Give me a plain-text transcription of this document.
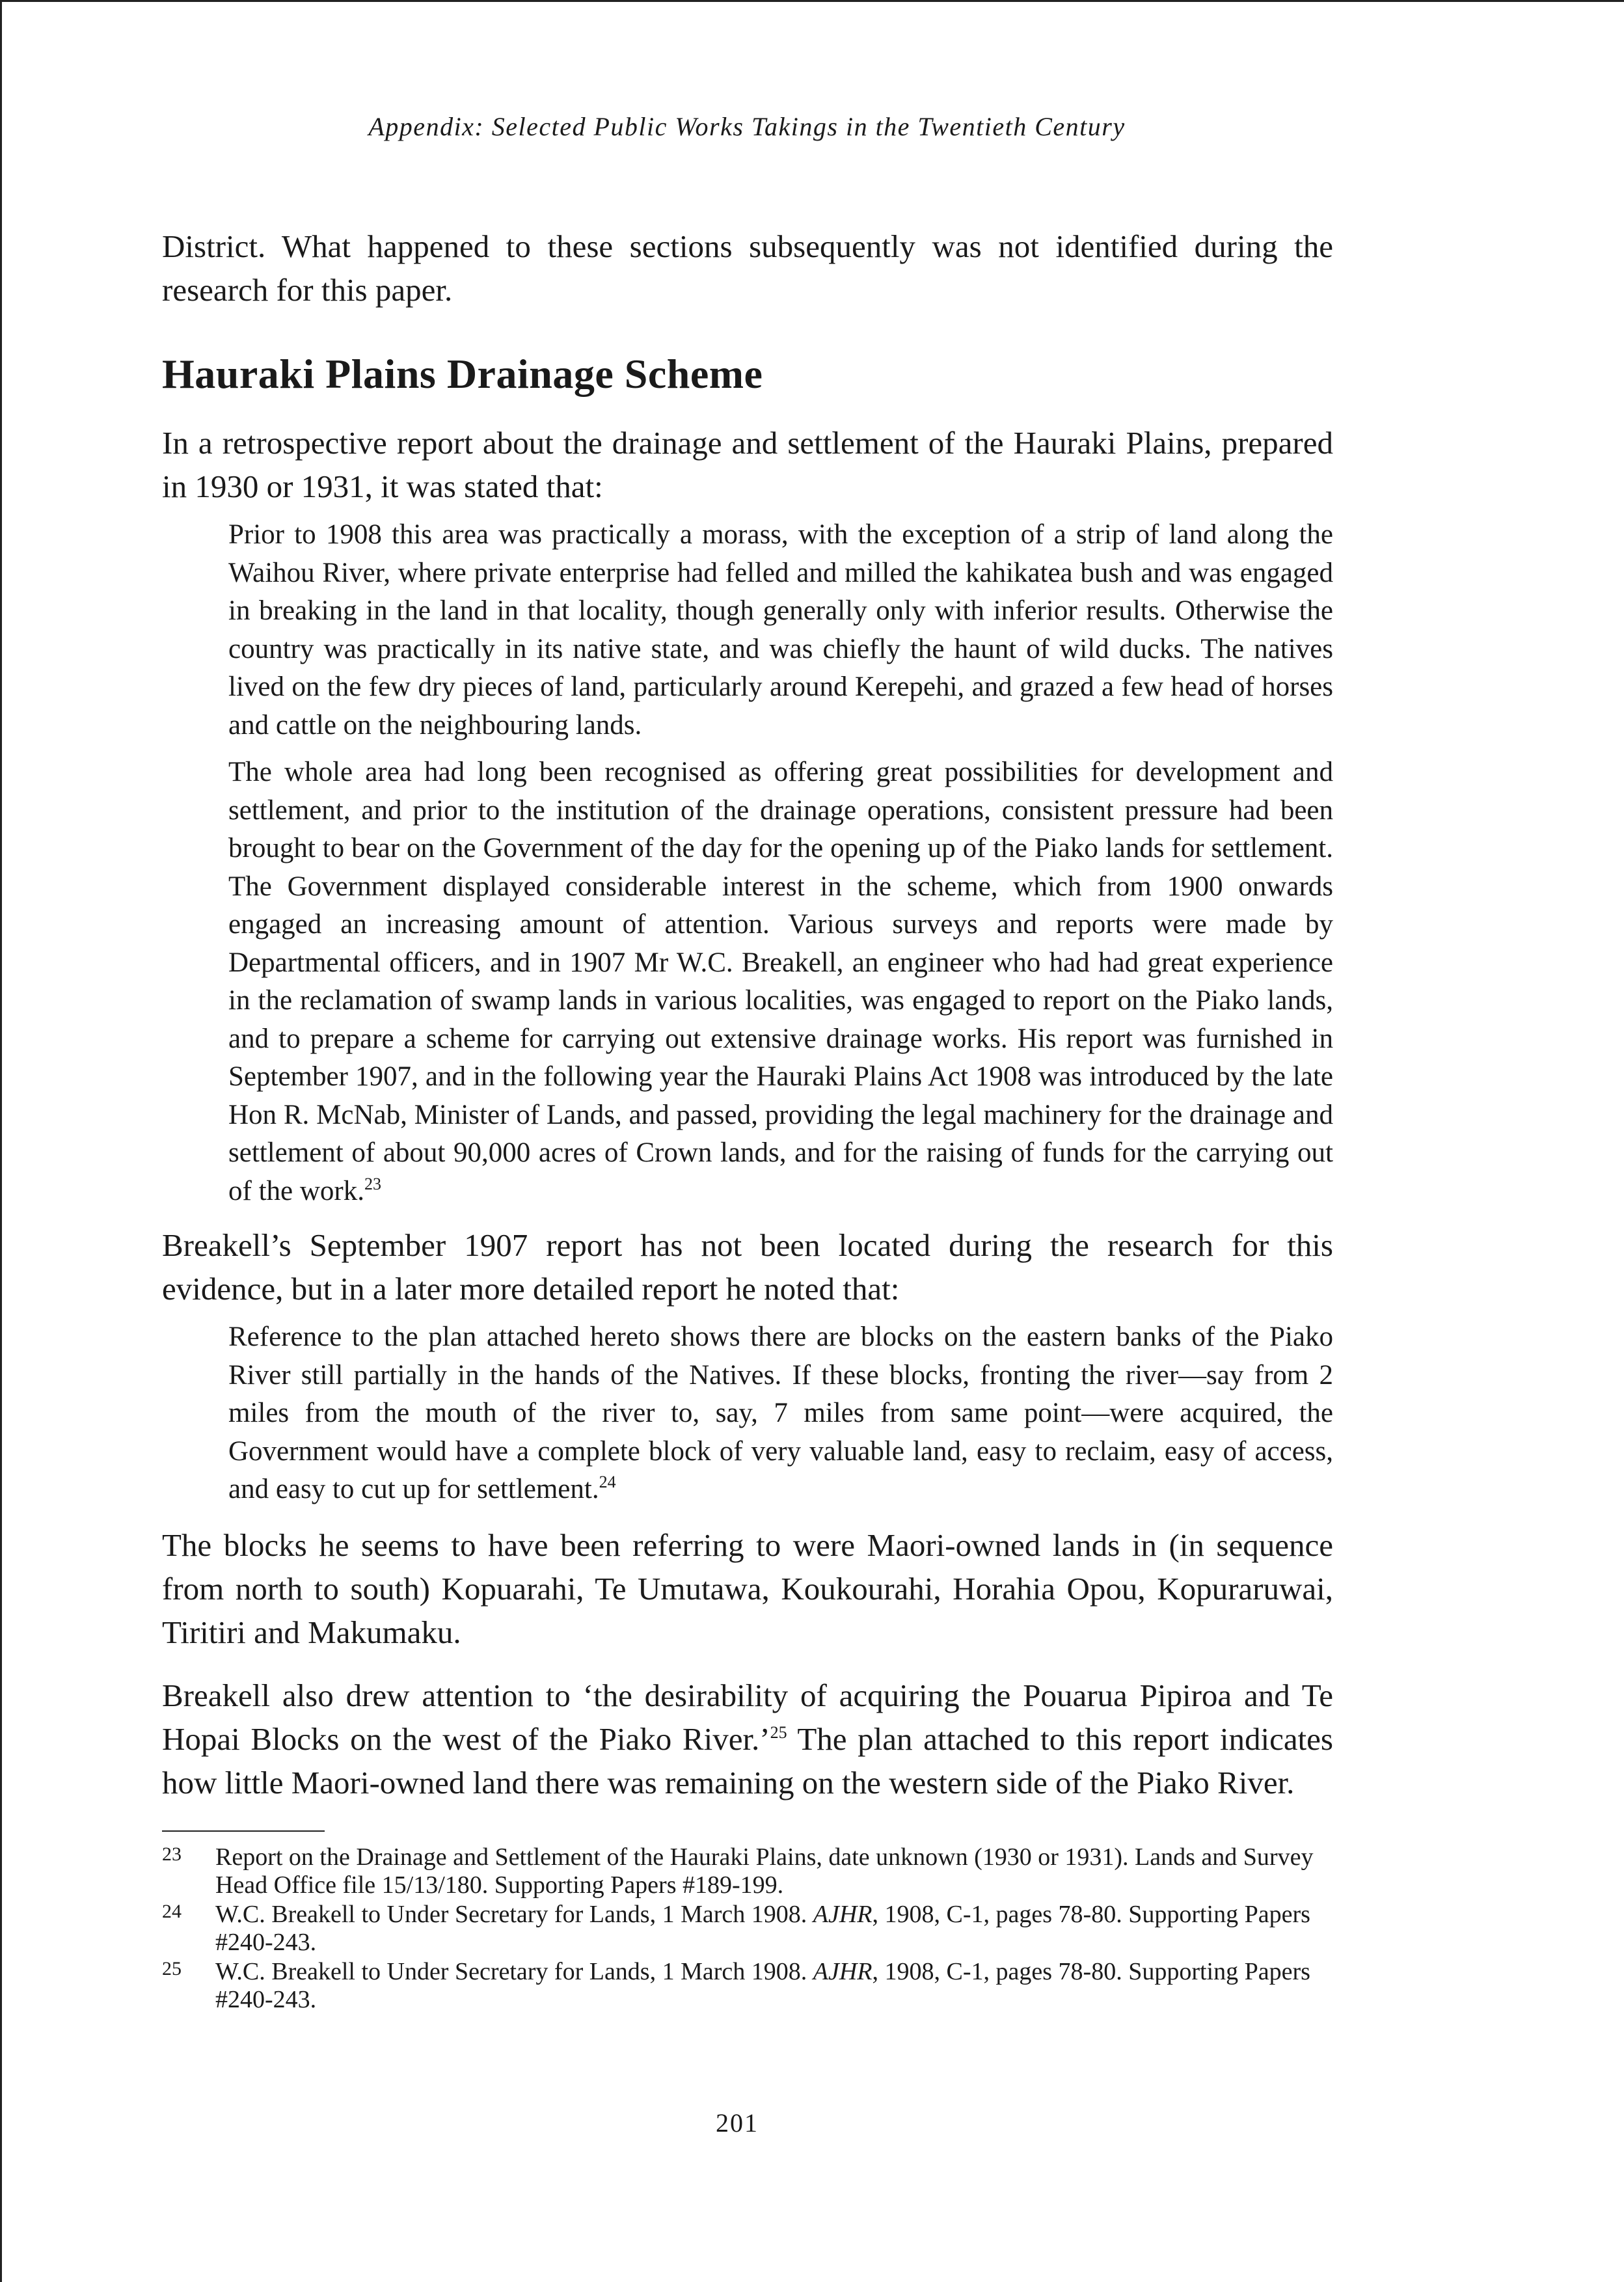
Appendix: Selected Public Works Takings in the Twentieth Century

District. What happened to these sections subsequently was not identified during the research for this paper.

Hauraki Plains Drainage Scheme

In a retrospective report about the drainage and settlement of the Hauraki Plains, prepared in 1930 or 1931, it was stated that:

Prior to 1908 this area was practically a morass, with the exception of a strip of land along the Waihou River, where private enterprise had felled and milled the kahikatea bush and was engaged in breaking in the land in that locality, though generally only with inferior results. Otherwise the country was practically in its native state, and was chiefly the haunt of wild ducks. The natives lived on the few dry pieces of land, particularly around Kerepehi, and grazed a few head of horses and cattle on the neighbouring lands.

The whole area had long been recognised as offering great possibilities for development and settlement, and prior to the institution of the drainage operations, consistent pressure had been brought to bear on the Government of the day for the opening up of the Piako lands for settlement. The Government displayed considerable interest in the scheme, which from 1900 onwards engaged an increasing amount of attention. Various surveys and reports were made by Departmental officers, and in 1907 Mr W.C. Breakell, an engineer who had had great experience in the reclamation of swamp lands in various localities, was engaged to report on the Piako lands, and to prepare a scheme for carrying out extensive drainage works. His report was furnished in September 1907, and in the following year the Hauraki Plains Act 1908 was introduced by the late Hon R. McNab, Minister of Lands, and passed, providing the legal machinery for the drainage and settlement of about 90,000 acres of Crown lands, and for the raising of funds for the carrying out of the work.$^{23}$

Breakell’s September 1907 report has not been located during the research for this evidence, but in a later more detailed report he noted that:

Reference to the plan attached hereto shows there are blocks on the eastern banks of the Piako River still partially in the hands of the Natives. If these blocks, fronting the river—say from 2 miles from the mouth of the river to, say, 7 miles from same point—were acquired, the Government would have a complete block of very valuable land, easy to reclaim, easy of access, and easy to cut up for settlement.$^{24}$

The blocks he seems to have been referring to were Maori-owned lands in (in sequence from north to south) Kopuarahi, Te Umutawa, Koukourahi, Horahia Opou, Kopuraruwai, Tiritiri and Makumaku.

Breakell also drew attention to ‘the desirability of acquiring the Pouarua Pipiroa and Te Hopai Blocks on the west of the Piako River.’$^{25}$ The plan attached to this report indicates how little Maori-owned land there was remaining on the western side of the Piako River.

23	Report on the Drainage and Settlement of the Hauraki Plains, date unknown (1930 or 1931). Lands and Survey Head Office file 15/13/180. Supporting Papers #189-199.
24	W.C. Breakell to Under Secretary for Lands, 1 March 1908. AJHR, 1908, C-1, pages 78-80. Supporting Papers #240-243.
25	W.C. Breakell to Under Secretary for Lands, 1 March 1908. AJHR, 1908, C-1, pages 78-80. Supporting Papers #240-243.
201
